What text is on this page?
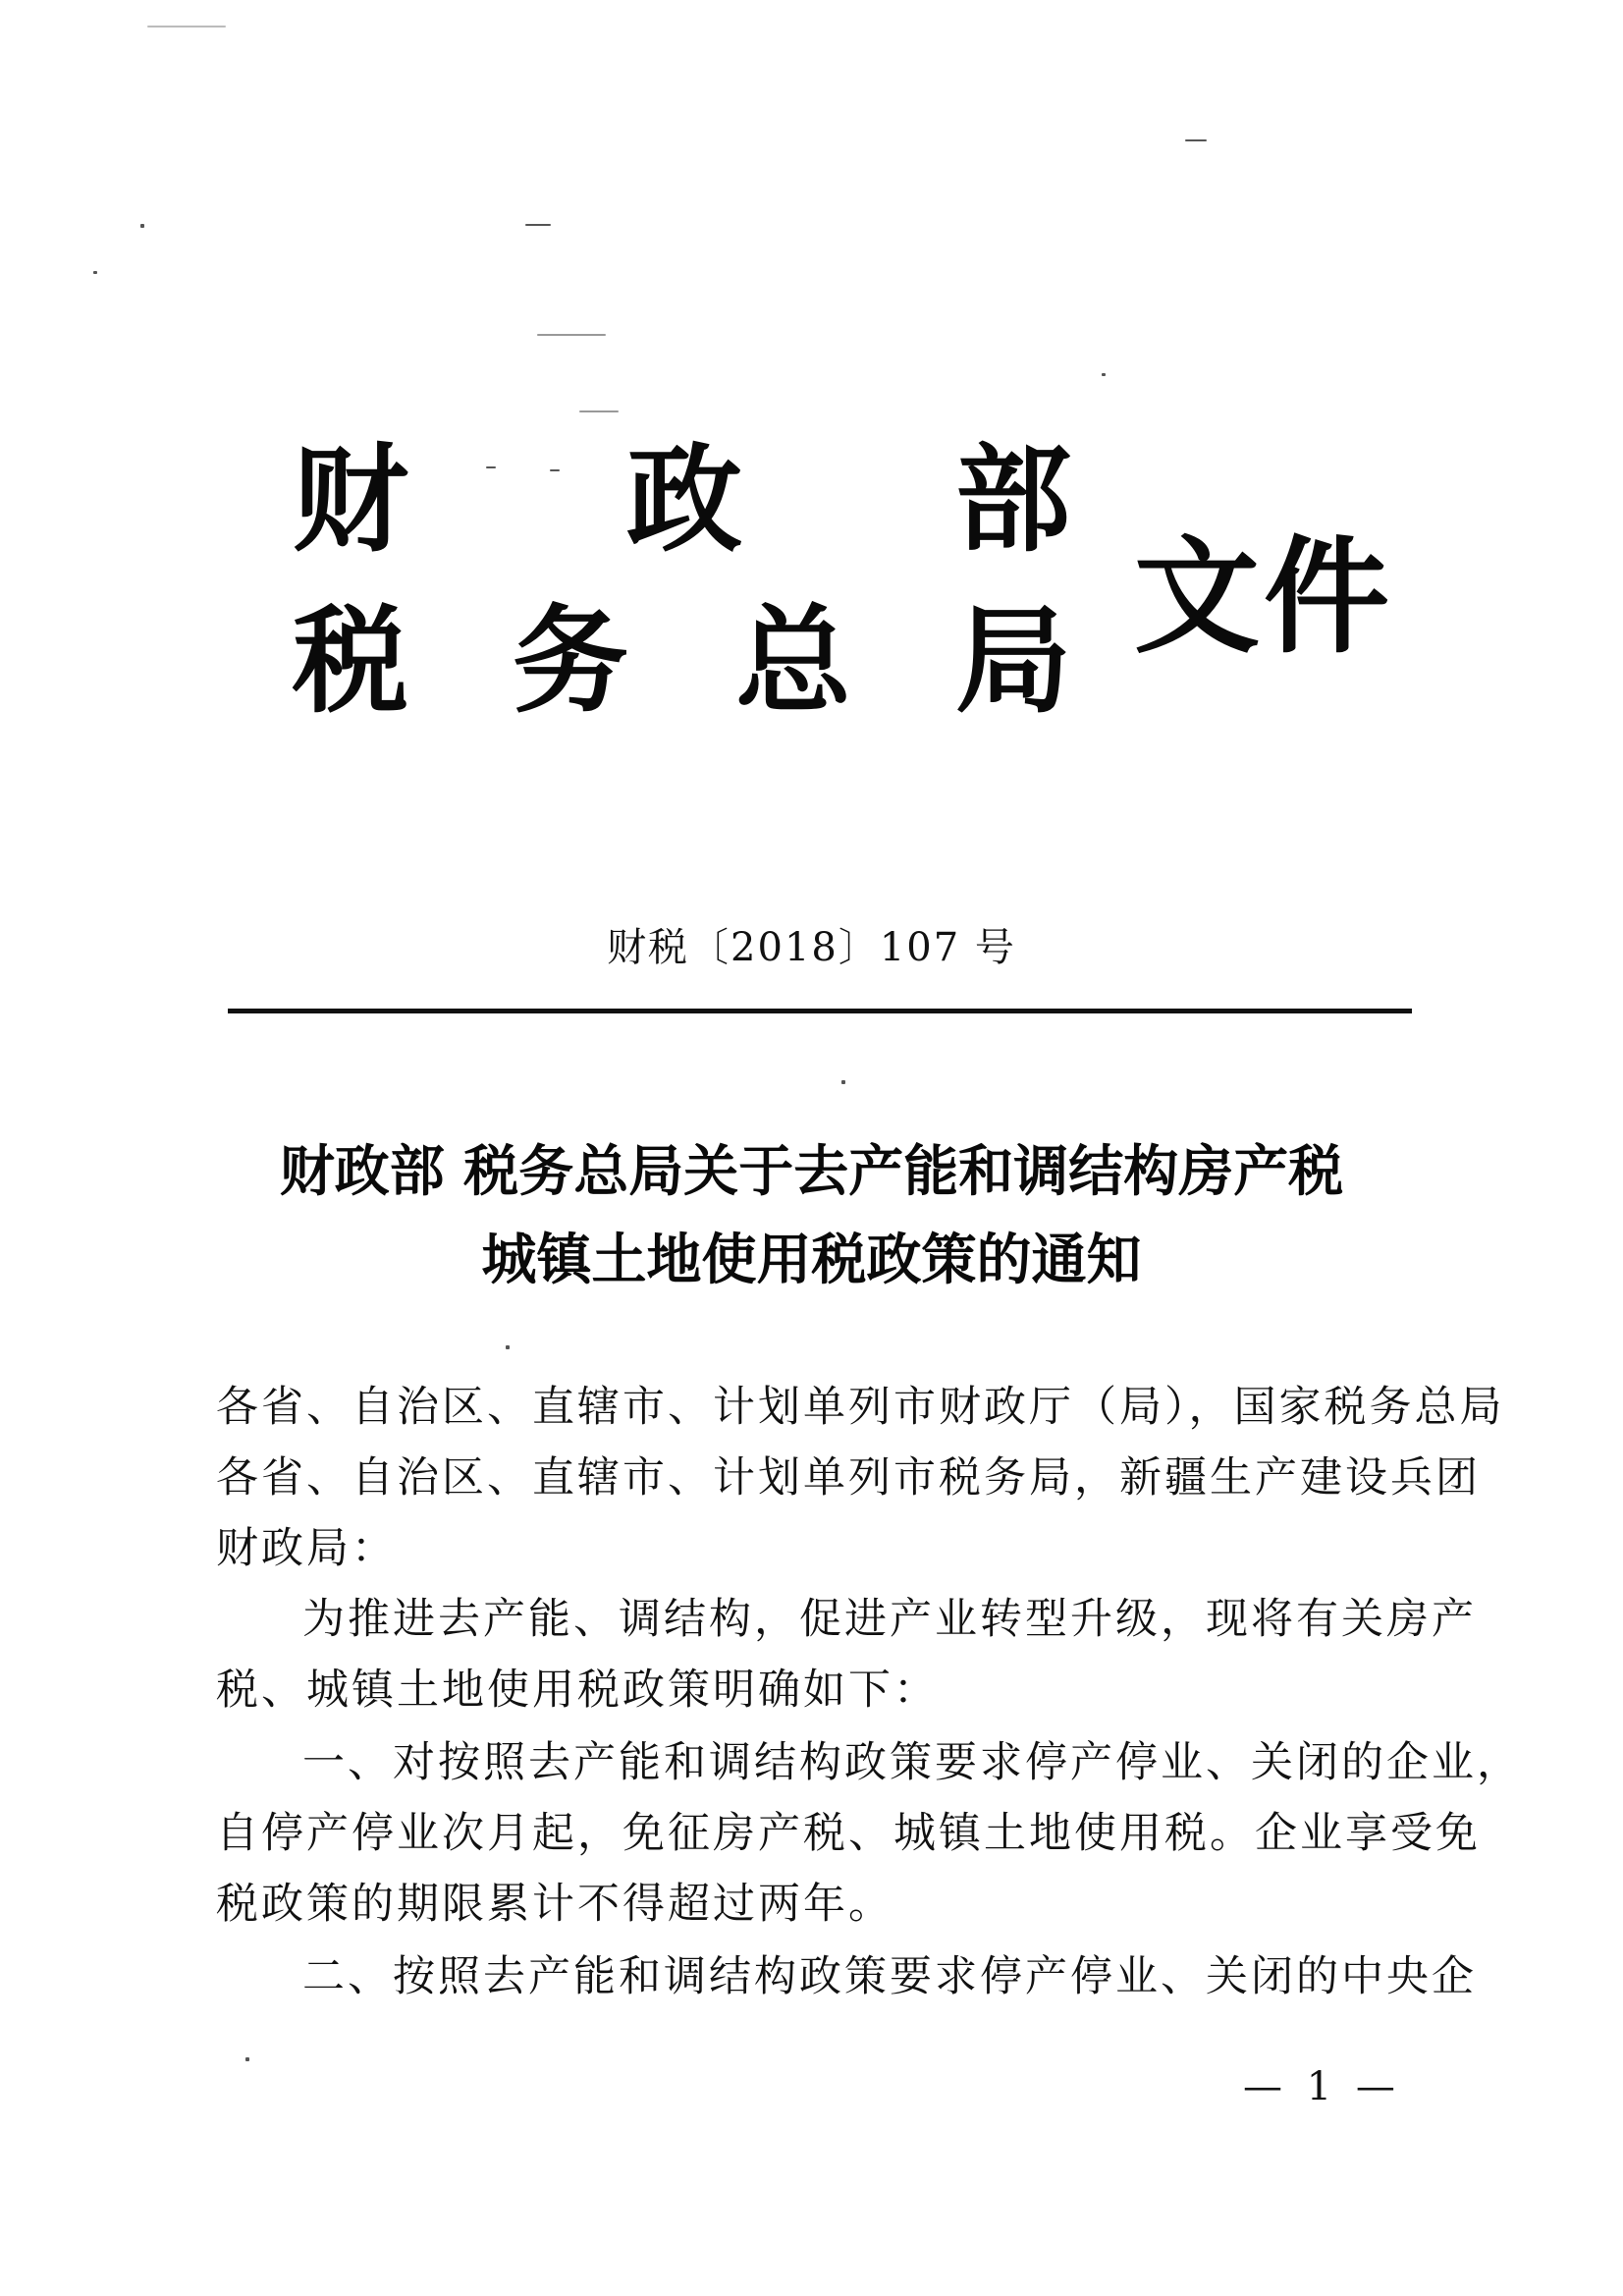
财 政 部
税 务 总 局 文件
财税〔2018〕107 号
财政部 税务总局关于去产能和调结构房产税
城镇土地使用税政策的通知
各省、自治区、直辖市、计划单列市财政厅（局），国家税务总局
各省、自治区、直辖市、计划单列市税务局，新疆生产建设兵团
财政局：
为推进去产能、调结构，促进产业转型升级，现将有关房产
税、城镇土地使用税政策明确如下：
一、对按照去产能和调结构政策要求停产停业、关闭的企业，
自停产停业次月起，免征房产税、城镇土地使用税。企业享受免
税政策的期限累计不得超过两年。
二、按照去产能和调结构政策要求停产停业、关闭的中央企
— 1 —
